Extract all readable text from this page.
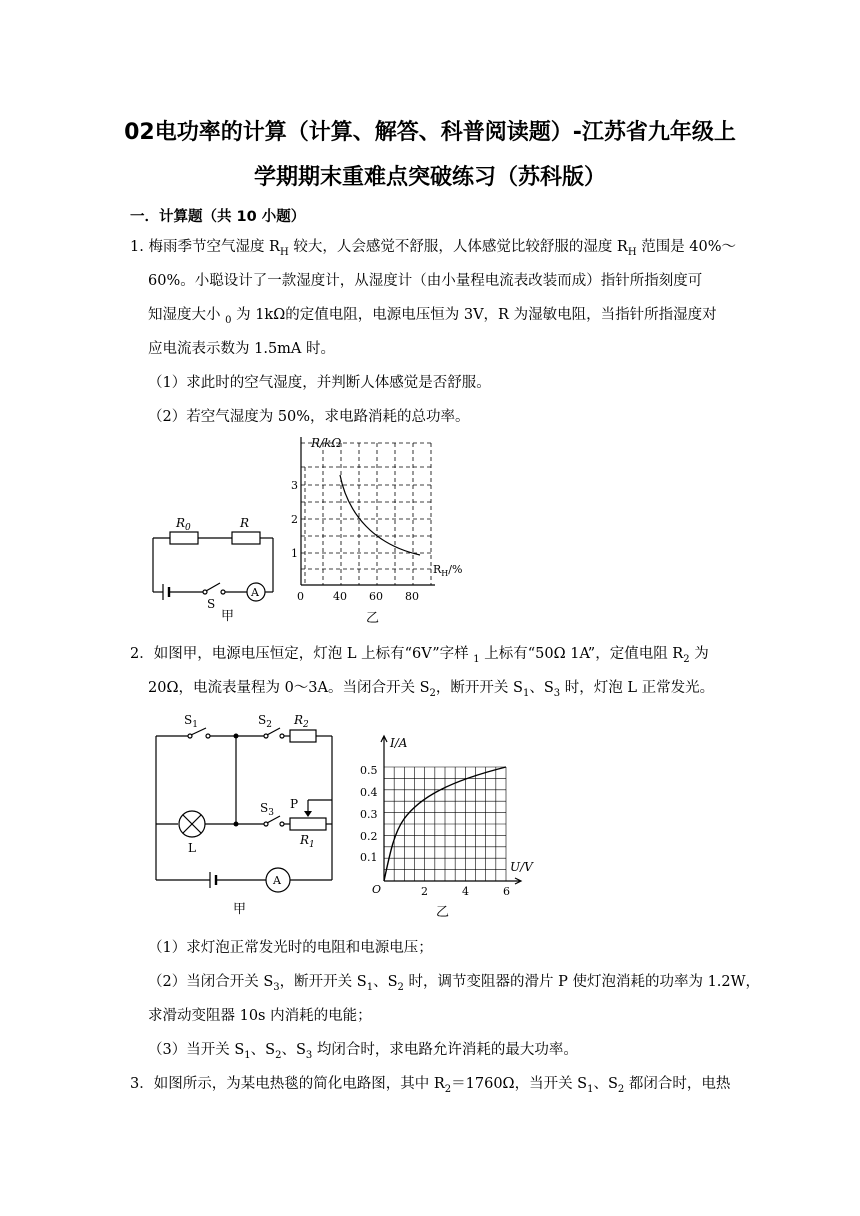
02电功率的计算（计算、解答、科普阅读题）-江苏省九年级上
学期期末重难点突破练习（苏科版）
一．计算题（共 10 小题）
1. 梅雨季节空气湿度 $R_H$ 较大，人会感觉不舒服，人体感觉比较舒服的湿度 $R_H$ 范围是 40%～
60%。小聪设计了一款湿度计，从湿度计（由小量程电流表改装而成）指针所指刻度可
知湿度大小 $_0$ 为 1kΩ的定值电阻，电源电压恒为 3V，R 为湿敏电阻，当指针所指湿度对
应电流表示数为 1.5mA 时。
（1）求此时的空气湿度，并判断人体感觉是否舒服。
（2）若空气湿度为 50%，求电路消耗的总功率。
$R_0$	R
S
A
甲
R/kΩ
$R_H/\%$
1
2
3
0	40 60 80
乙
2．如图甲，电源电压恒定，灯泡 L 上标有“6V”字样 $_1$ 上标有“50Ω 1A”，定值电阻 $R_2$ 为
20Ω，电流表量程为 0～3A。当闭合开关 $S_2$，断开开关 $S_1$、$S_3$ 时，灯泡 L 正常发光。
$S_1$	$S_2$ $R_2$
$S_3$
P
$R_1$
L
A
甲
I/A
U/V
0.1
0.2
0.3
0.4
0.5
O	2	4	6
乙
（1）求灯泡正常发光时的电阻和电源电压；
（2）当闭合开关 $S_3$，断开开关 $S_1$、$S_2$ 时，调节变阻器的滑片 P 使灯泡消耗的功率为 1.2W，
求滑动变阻器 10s 内消耗的电能；
（3）当开关 $S_1$、$S_2$、$S_3$ 均闭合时，求电路允许消耗的最大功率。
3．如图所示，为某电热毯的简化电路图，其中 $R_2=1760\Omega$，当开关 $S_1$、$S_2$ 都闭合时，电热
